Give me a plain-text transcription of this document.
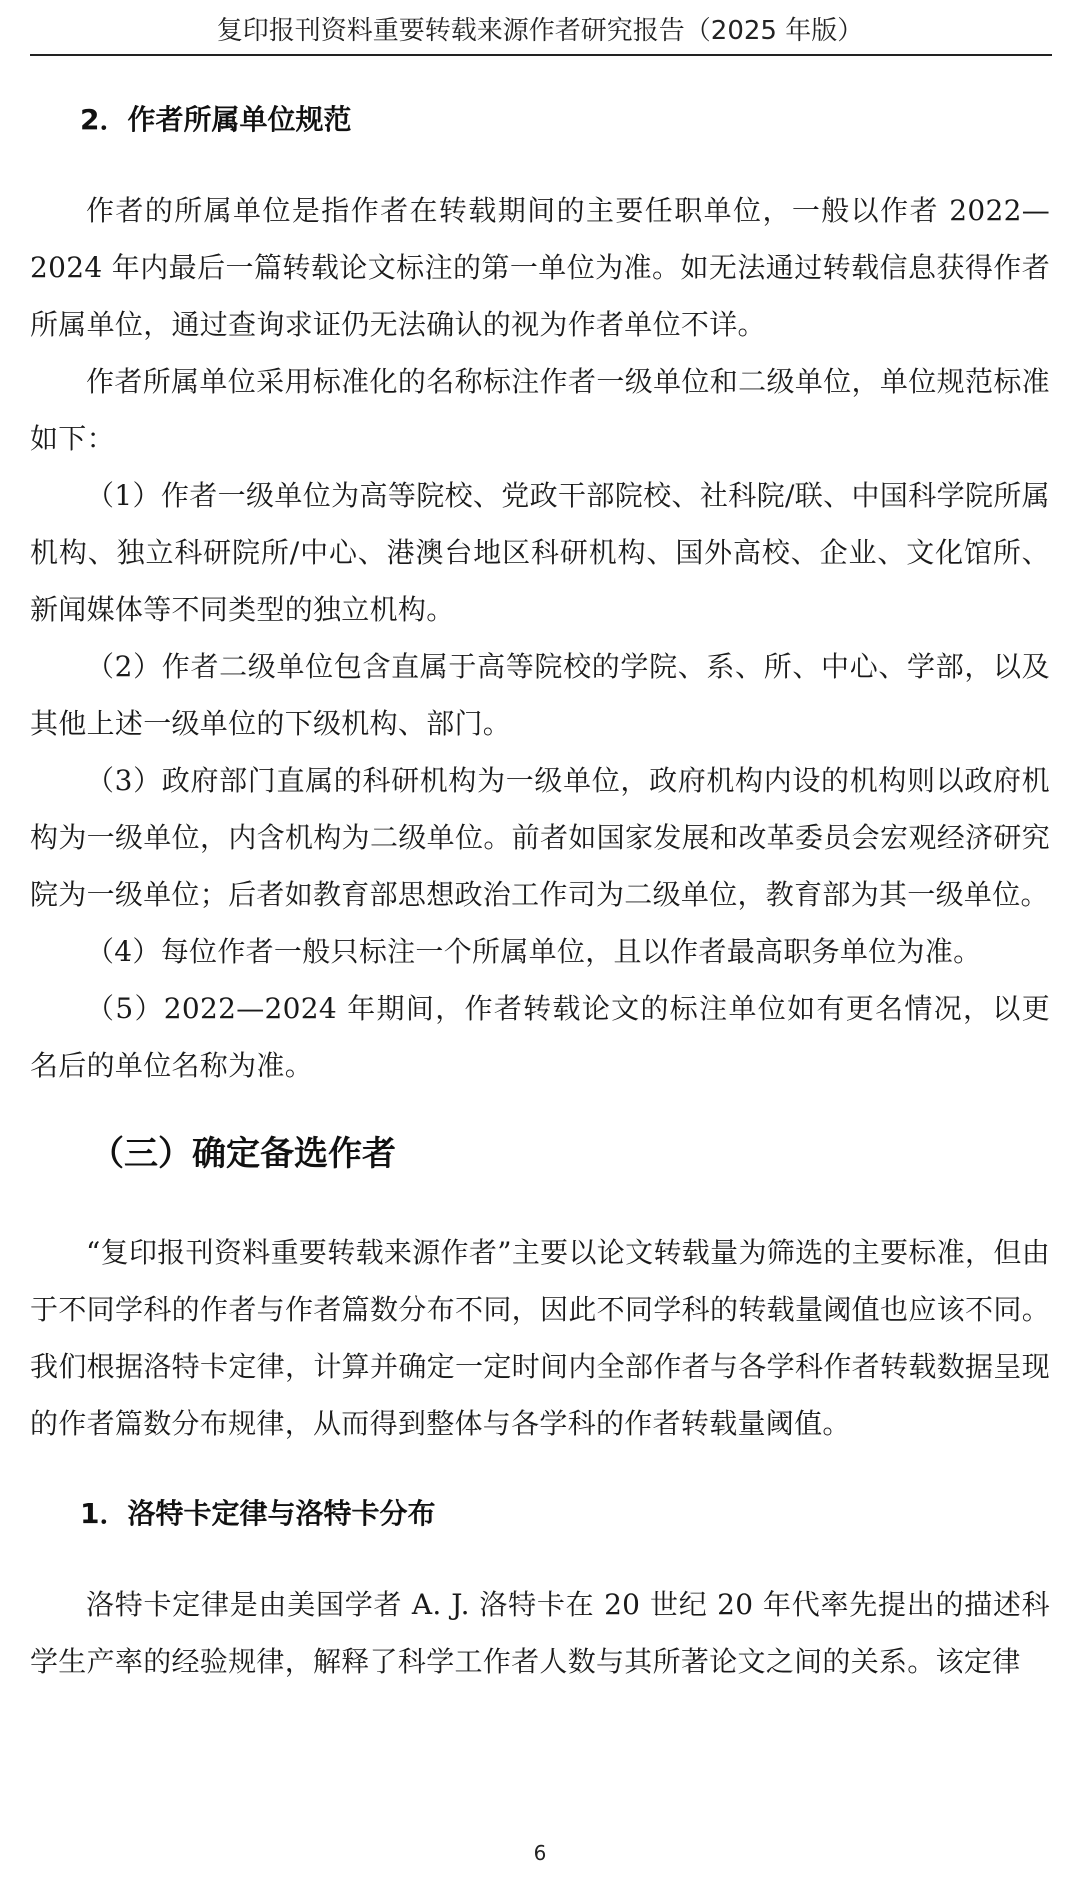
复印报刊资料重要转载来源作者研究报告（2025 年版）
2．作者所属单位规范

作者的所属单位是指作者在转载期间的主要任职单位，一般以作者 2022—2024 年内最后一篇转载论文标注的第一单位为准。如无法通过转载信息获得作者所属单位，通过查询求证仍无法确认的视为作者单位不详。

作者所属单位采用标准化的名称标注作者一级单位和二级单位，单位规范标准如下：

（1）作者一级单位为高等院校、党政干部院校、社科院/联、中国科学院所属机构、独立科研院所/中心、港澳台地区科研机构、国外高校、企业、文化馆所、新闻媒体等不同类型的独立机构。

（2）作者二级单位包含直属于高等院校的学院、系、所、中心、学部，以及其他上述一级单位的下级机构、部门。

（3）政府部门直属的科研机构为一级单位，政府机构内设的机构则以政府机构为一级单位，内含机构为二级单位。前者如国家发展和改革委员会宏观经济研究院为一级单位；后者如教育部思想政治工作司为二级单位，教育部为其一级单位。

（4）每位作者一般只标注一个所属单位，且以作者最高职务单位为准。

（5）2022—2024 年期间，作者转载论文的标注单位如有更名情况，以更名后的单位名称为准。

（三）确定备选作者

“复印报刊资料重要转载来源作者”主要以论文转载量为筛选的主要标准，但由于不同学科的作者与作者篇数分布不同，因此不同学科的转载量阈值也应该不同。我们根据洛特卡定律，计算并确定一定时间内全部作者与各学科作者转载数据呈现的作者篇数分布规律，从而得到整体与各学科的作者转载量阈值。

1．洛特卡定律与洛特卡分布

洛特卡定律是由美国学者 A. J. 洛特卡在 20 世纪 20 年代率先提出的描述科学生产率的经验规律，解释了科学工作者人数与其所著论文之间的关系。该定律

6
